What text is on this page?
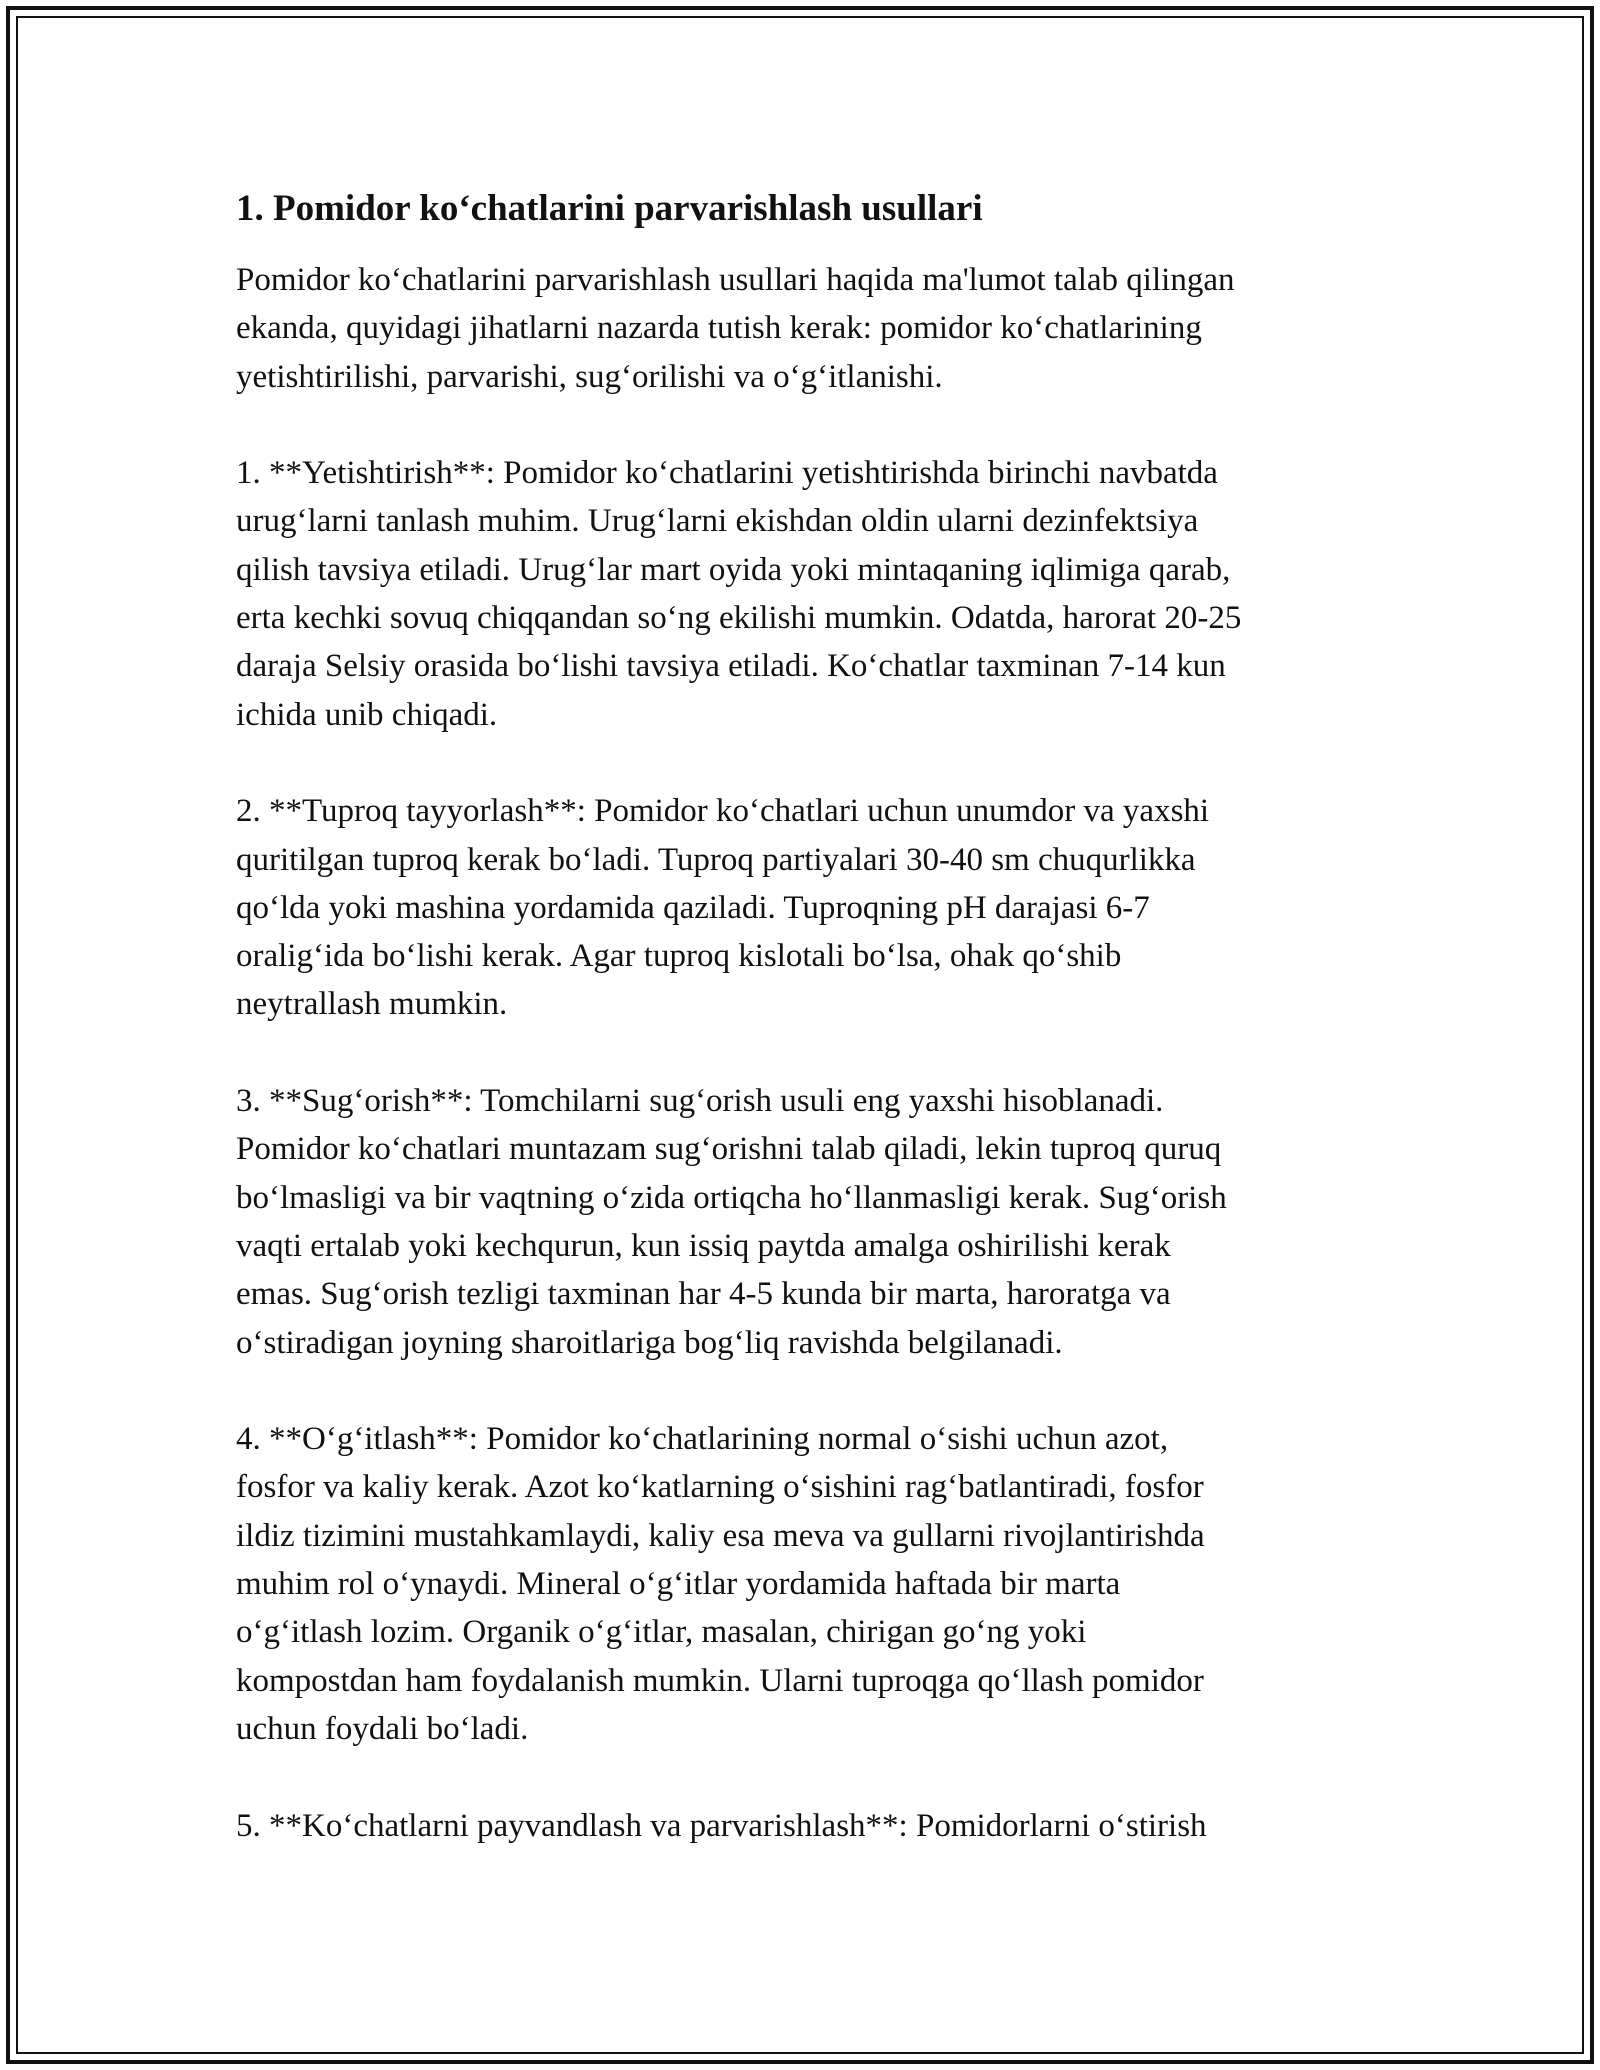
1. Pomidor ko‘chatlarini parvarishlash usullari

Pomidor ko‘chatlarini parvarishlash usullari haqida ma'lumot talab qilingan
ekanda, quyidagi jihatlarni nazarda tutish kerak: pomidor ko‘chatlarining
yetishtirilishi, parvarishi, sug‘orilishi va o‘g‘itlanishi.

1. **Yetishtirish**: Pomidor ko‘chatlarini yetishtirishda birinchi navbatda
urug‘larni tanlash muhim. Urug‘larni ekishdan oldin ularni dezinfektsiya
qilish tavsiya etiladi. Urug‘lar mart oyida yoki mintaqaning iqlimiga qarab,
erta kechki sovuq chiqqandan so‘ng ekilishi mumkin. Odatda, harorat 20-25
daraja Selsiy orasida bo‘lishi tavsiya etiladi. Ko‘chatlar taxminan 7-14 kun
ichida unib chiqadi.

2. **Tuproq tayyorlash**: Pomidor ko‘chatlari uchun unumdor va yaxshi
quritilgan tuproq kerak bo‘ladi. Tuproq partiyalari 30-40 sm chuqurlikka
qo‘lda yoki mashina yordamida qaziladi. Tuproqning pH darajasi 6-7
oralig‘ida bo‘lishi kerak. Agar tuproq kislotali bo‘lsa, ohak qo‘shib
neytrallash mumkin.

3. **Sug‘orish**: Tomchilarni sug‘orish usuli eng yaxshi hisoblanadi.
Pomidor ko‘chatlari muntazam sug‘orishni talab qiladi, lekin tuproq quruq
bo‘lmasligi va bir vaqtning o‘zida ortiqcha ho‘llanmasligi kerak. Sug‘orish
vaqti ertalab yoki kechqurun, kun issiq paytda amalga oshirilishi kerak
emas. Sug‘orish tezligi taxminan har 4-5 kunda bir marta, haroratga va
o‘stiradigan joyning sharoitlariga bog‘liq ravishda belgilanadi.

4. **O‘g‘itlash**: Pomidor ko‘chatlarining normal o‘sishi uchun azot,
fosfor va kaliy kerak. Azot ko‘katlarning o‘sishini rag‘batlantiradi, fosfor
ildiz tizimini mustahkamlaydi, kaliy esa meva va gullarni rivojlantirishda
muhim rol o‘ynaydi. Mineral o‘g‘itlar yordamida haftada bir marta
o‘g‘itlash lozim. Organik o‘g‘itlar, masalan, chirigan go‘ng yoki
kompostdan ham foydalanish mumkin. Ularni tuproqga qo‘llash pomidor
uchun foydali bo‘ladi.

5. **Ko‘chatlarni payvandlash va parvarishlash**: Pomidorlarni o‘stirish
